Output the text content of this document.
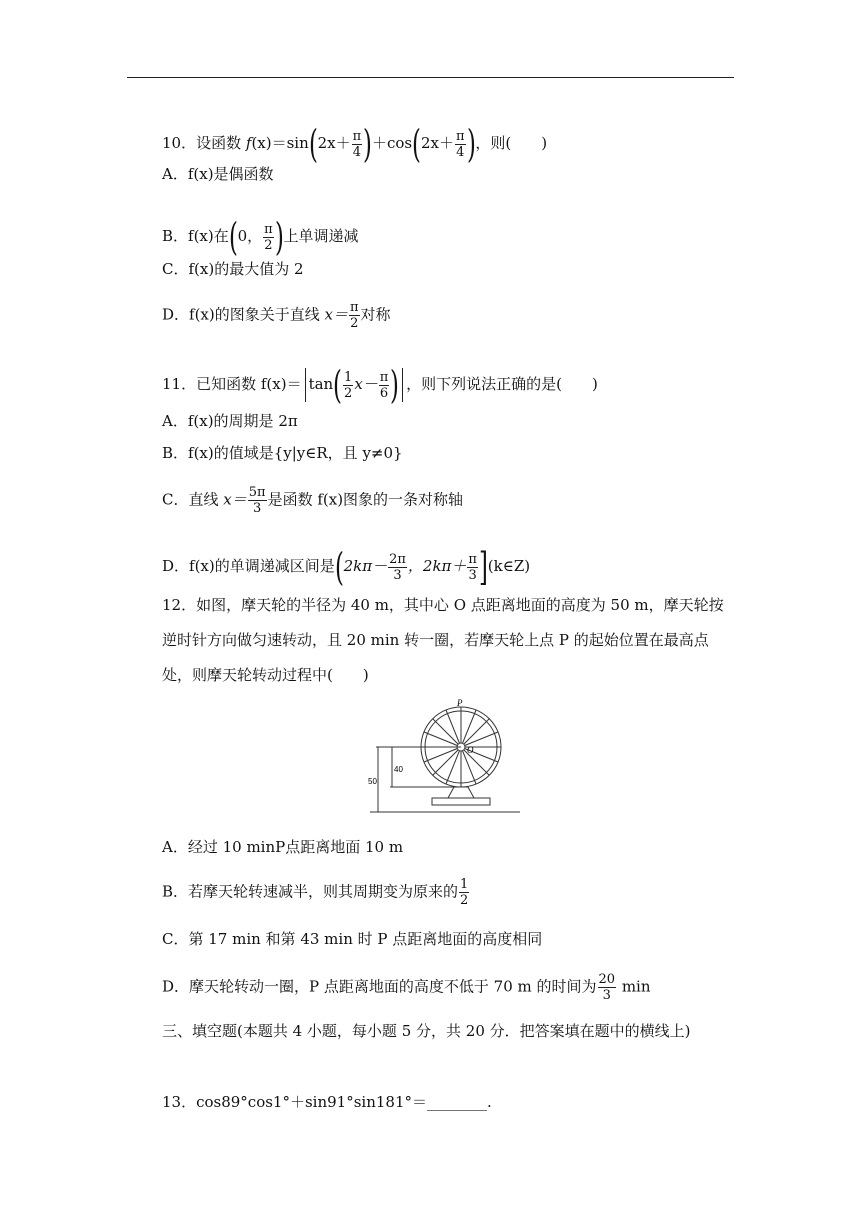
10．设函数 $f(x)=\sin(2x+ \frac{\pi}{4} )+\cos(2x+ \frac{\pi}{4}$ )，则(　　)
A．f(x)是偶函数
B．f(x)在(0， $\frac{\pi}{2}$ )上单调递减
C．f(x)的最大值为 2
D．f(x)的图象关于直线 $x= \frac{\pi}{2}$ 对称
11．已知函数 $f(x)= \tan( \frac{1}{2} x- \frac{\pi}{6}$ ) ，则下列说法正确的是(　　)
A．f(x)的周期是 2π
B．f(x)的值域是{y|y∈R，且 y≠0}
C．直线 $x= \frac{5\pi}{3}$ 是函数 f(x)图象的一条对称轴
D．f(x)的单调递减区间是($2k\pi- \frac{2\pi}{3}$ ，$2k\pi+ \frac{\pi}{3}$ ](k∈Z)
12．如图，摩天轮的半径为 40 m，其中心 O 点距离地面的高度为 50 m，摩天轮按逆时针方向做匀速转动，且 20 min 转一圈，若摩天轮上点 P 的起始位置在最高点处，则摩天轮转动过程中(　　)
P
O
50
40
A．经过 10 minP点距离地面 10 m
B．若摩天轮转速减半，则其周期变为原来的 $\frac{1}{2}$
C．第 17 min 和第 43 min 时 P 点距离地面的高度相同
D．摩天轮转动一圈，P 点距离地面的高度不低于 70 m 的时间为 $\frac{20}{3}$ min
三、填空题(本题共 4 小题，每小题 5 分，共 20 分．把答案填在题中的横线上)
13．cos89°cos1°＋sin91°sin181°＝________.
